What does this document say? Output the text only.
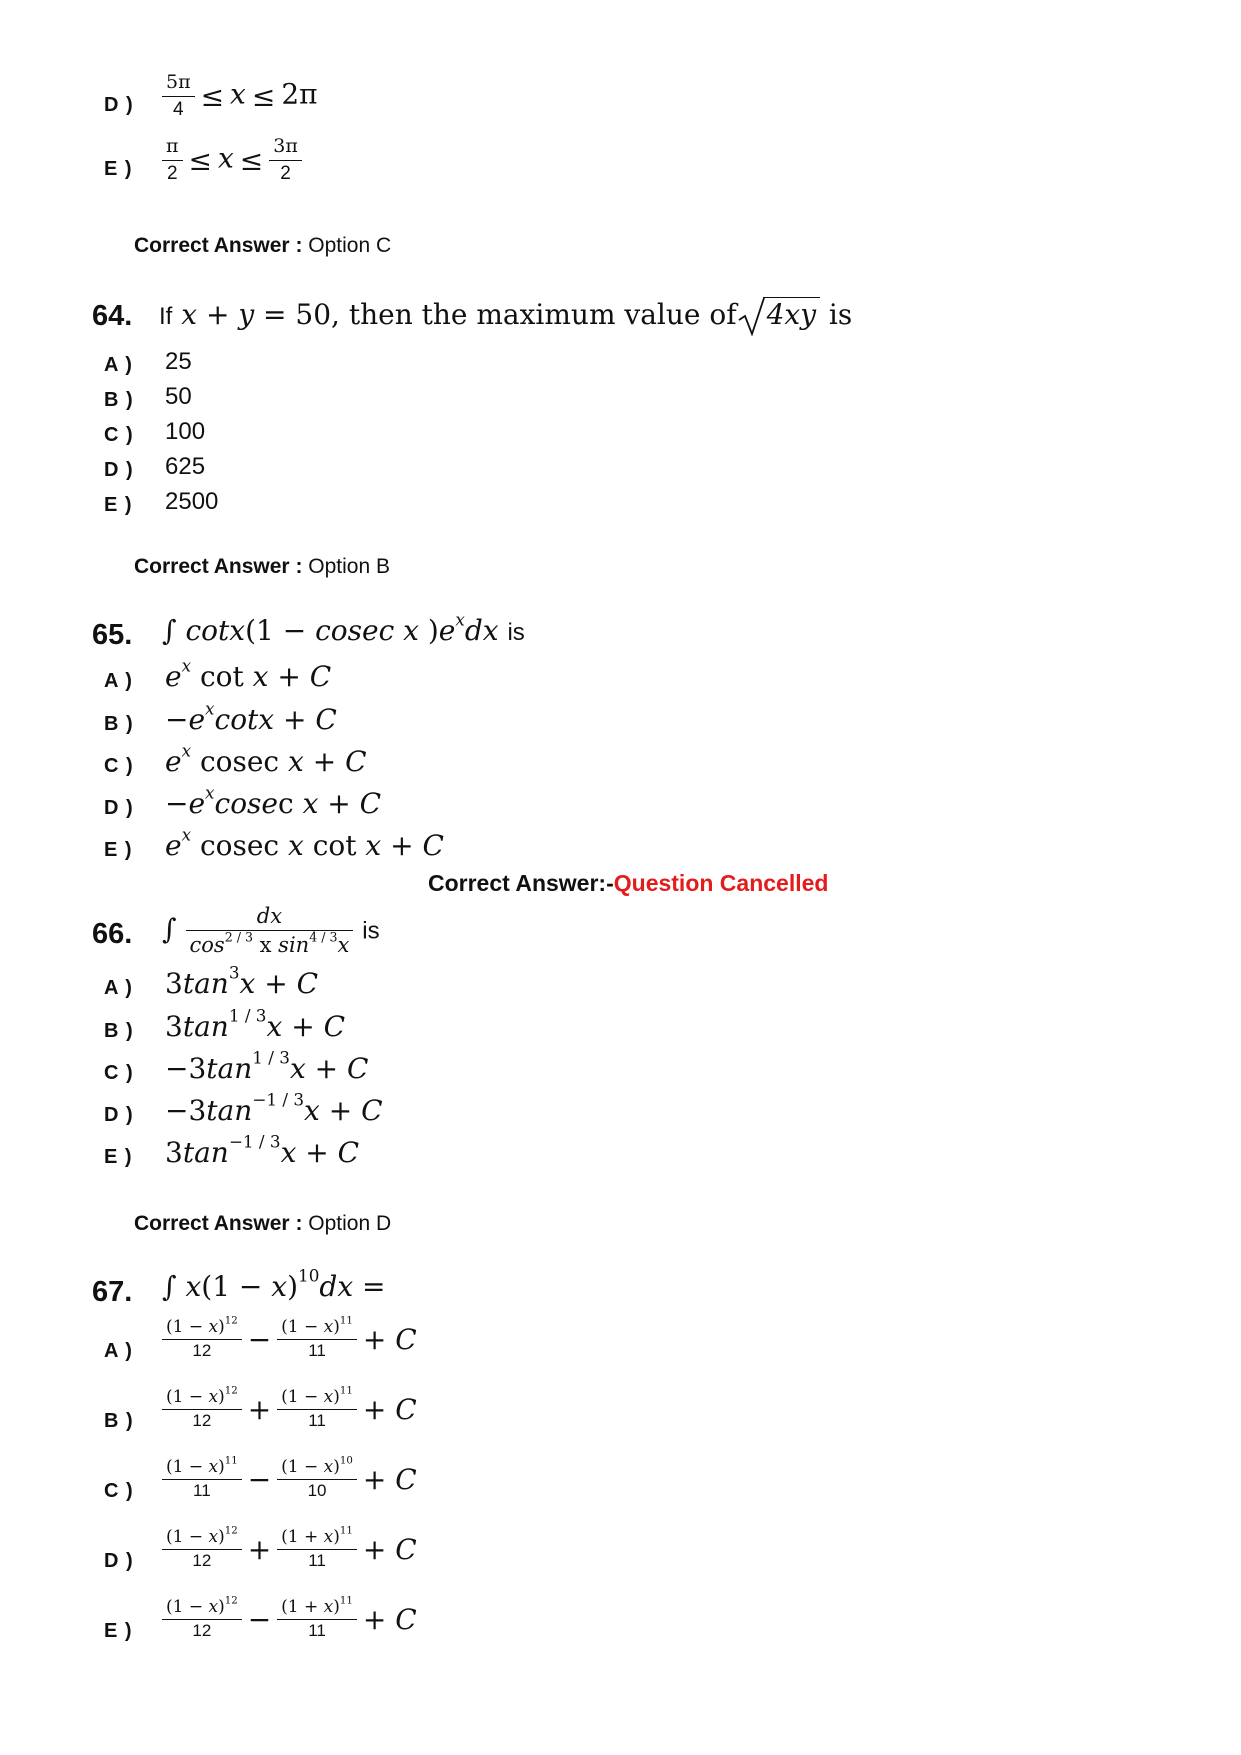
D ) $\frac{5\pi}{4} \le x \le 2\pi$
E ) $\frac{\pi}{2} \le x \le \frac{3\pi}{2}$
Correct Answer : Option C
64. If x + y = 50, then the maximum value of 4xy is
A ) 25
B ) 50
C ) 100
D ) 625
E ) 2500
Correct Answer : Option B
65. ∫ cotx(1 − cosec x )$e^xdx$ is
A ) $e^x$ cot x + C
B ) $-e^x\cot x + C$
C ) $e^x$ cosec x + C
D ) $-e^xcosec$ x + C
E ) $e^x$ cosec x cot x + C
Correct Answer:-Question Cancelled
66. ∫ $\frac{dx}{\cos^{2 / 3} x \sin^{4 / 3}x}$ is
A ) $3\tan^3x + C$
B ) $3\tan^{1 / 3}x + C$
C ) $-3\tan^{1 / 3}x + C$
D ) $-3\tan^{-1 / 3}x + C$
E ) $3\tan^{-1 / 3}x + C$
Correct Answer : Option D
67. ∫ $x(1 - x)^{10}dx$ =
A ) $\frac{(1 - x)^{12}}{12} - \frac{(1 - x)^{11}}{11} + C$
B ) $\frac{(1 - x)^{12}}{12} + \frac{(1 - x)^{11}}{11} + C$
C ) $\frac{(1 - x)^{11}}{11} - \frac{(1 - x)^{10}}{10} + C$
D ) $\frac{(1 - x)^{12}}{12} + \frac{(1 + x)^{11}}{11} + C$
E ) $\frac{(1 - x)^{12}}{12} - \frac{(1 + x)^{11}}{11} + C$
